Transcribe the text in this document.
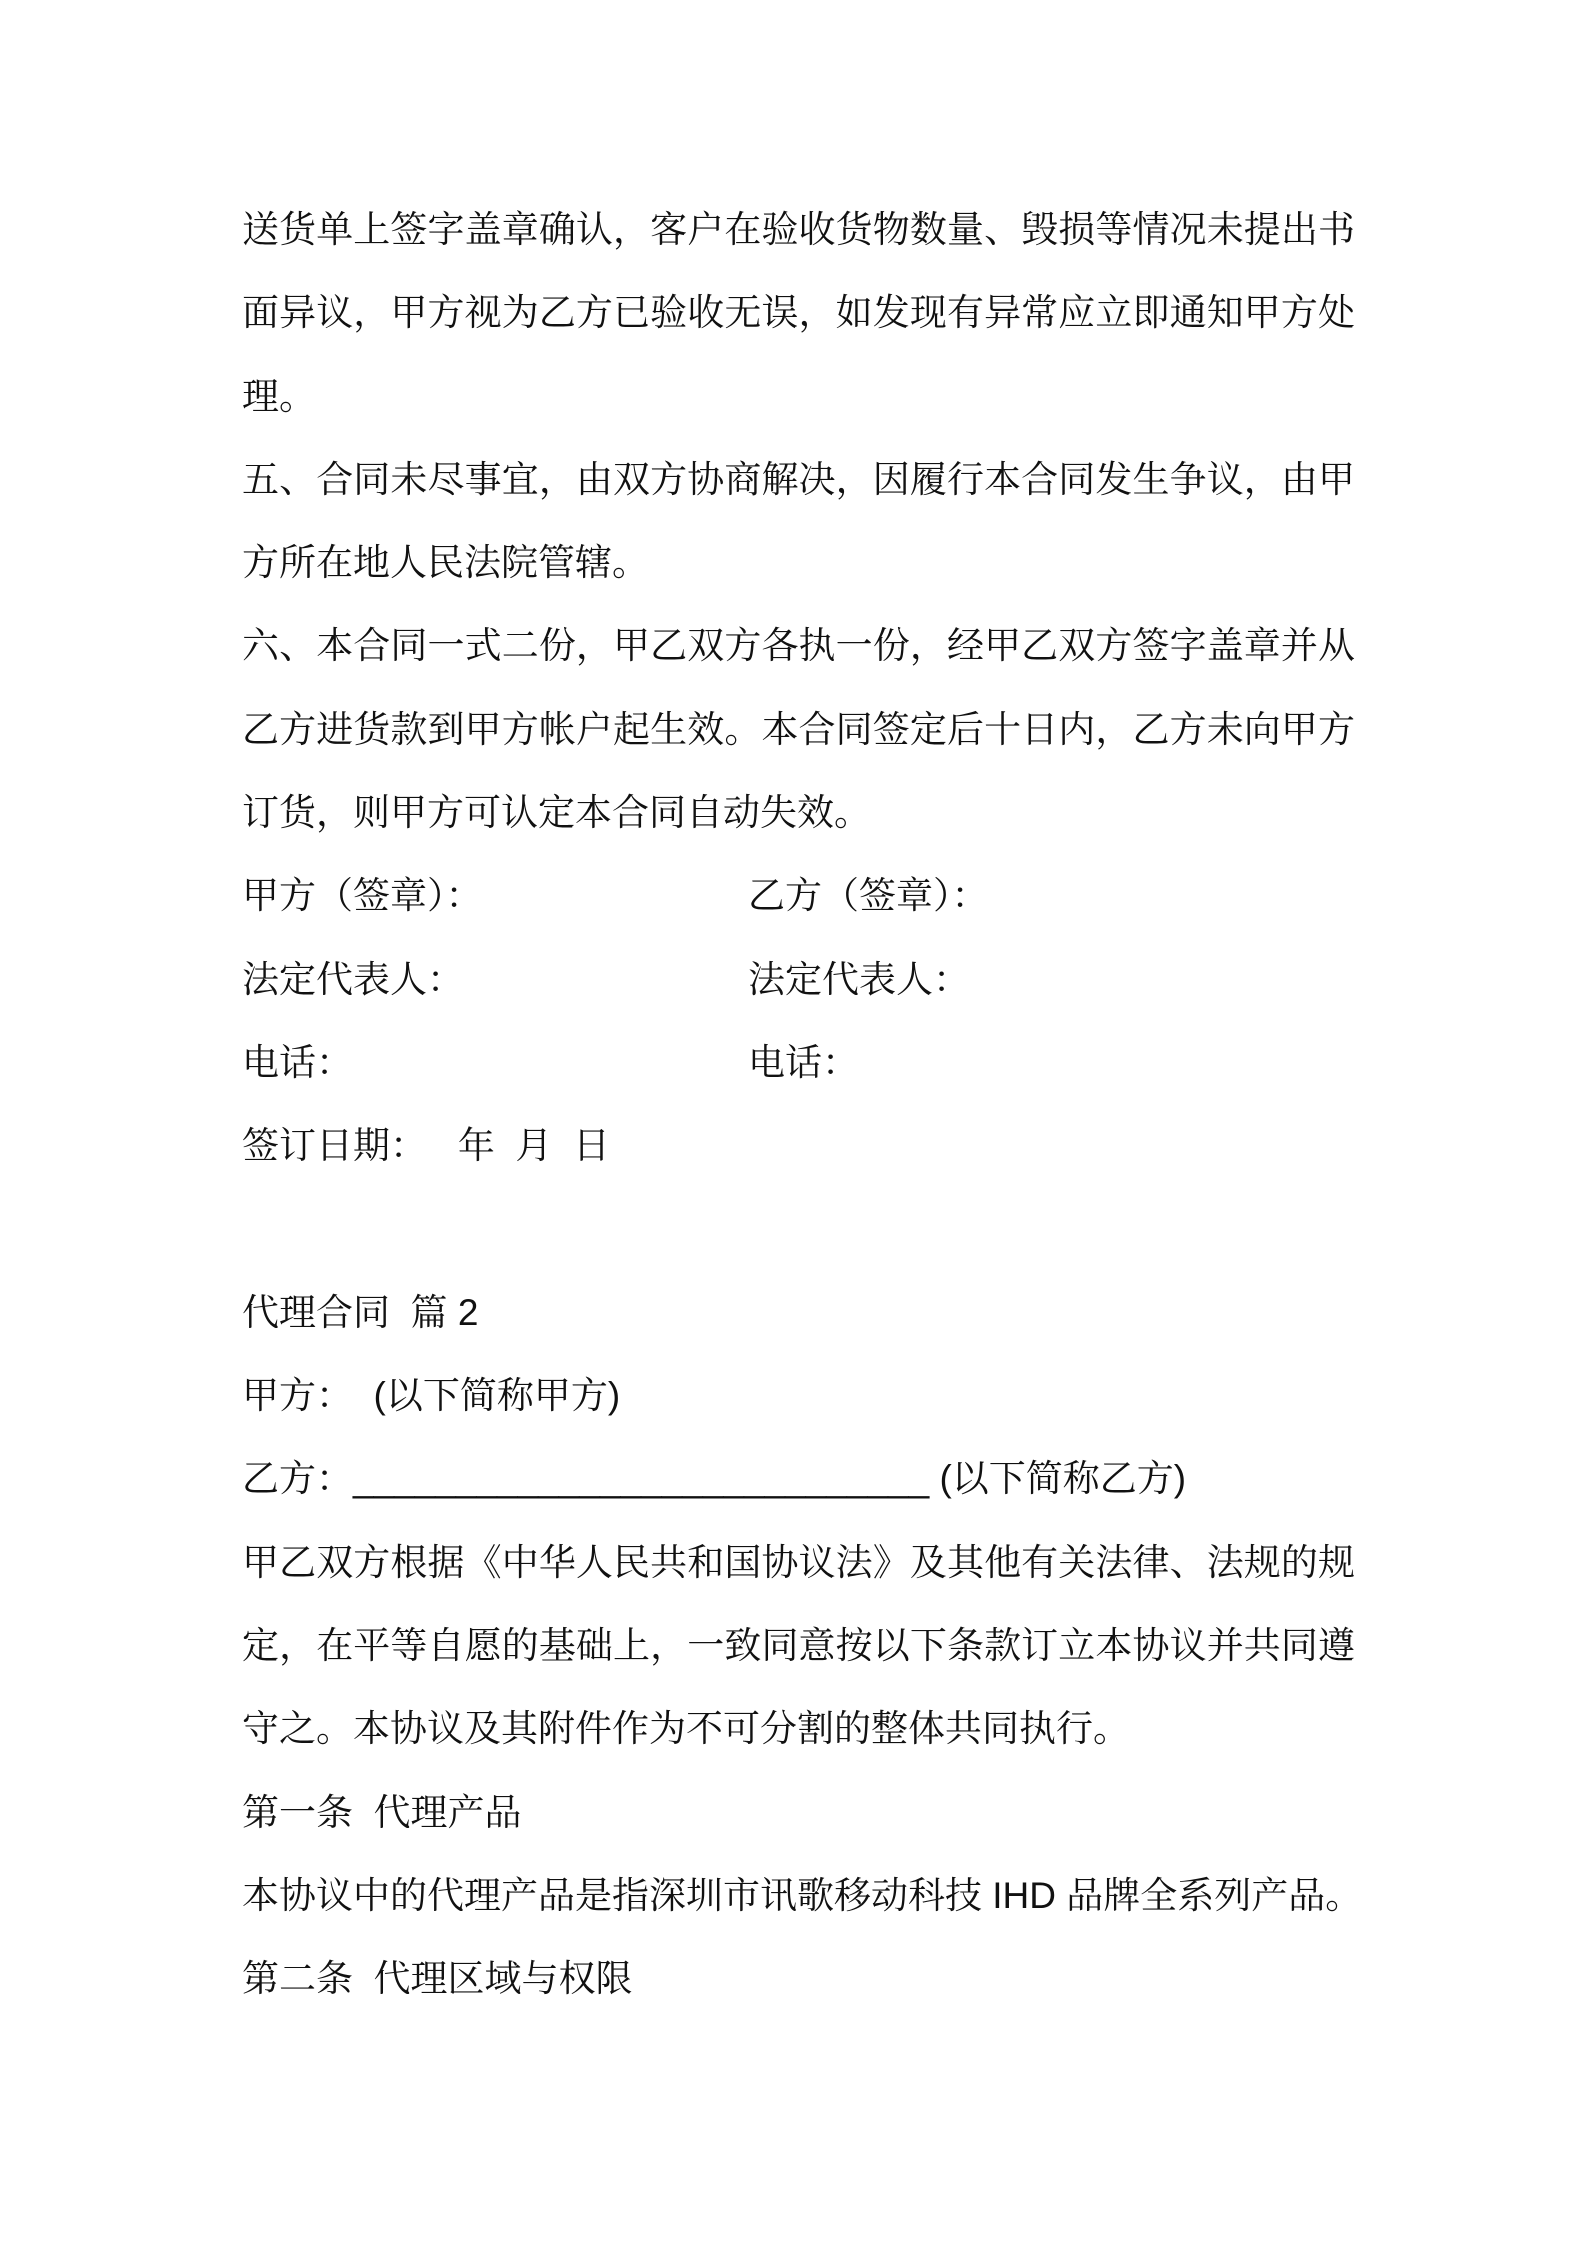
送货单上签字盖章确认，客户在验收货物数量、毁损等情况未提出书
面异议，甲方视为乙方已验收无误，如发现有异常应立即通知甲方处
理。
五、合同未尽事宜，由双方协商解决，因履行本合同发生争议，由甲
方所在地人民法院管辖。
六、本合同一式二份，甲乙双方各执一份，经甲乙双方签字盖章并从
乙方进货款到甲方帐户起生效。本合同签定后十日内，乙方未向甲方
订货，则甲方可认定本合同自动失效。
甲方（签章）：	乙方（签章）：
法定代表人：	法定代表人：
电话：	电话：
签订日期：   年  月  日
代理合同  篇 2
甲方：  (以下简称甲方)
乙方：____________________________ (以下简称乙方)
甲乙双方根据《中华人民共和国协议法》及其他有关法律、法规的规
定，在平等自愿的基础上，一致同意按以下条款订立本协议并共同遵
守之。本协议及其附件作为不可分割的整体共同执行。
第一条  代理产品
本协议中的代理产品是指深圳市讯歌移动科技 IHD 品牌全系列产品。
第二条  代理区域与权限
